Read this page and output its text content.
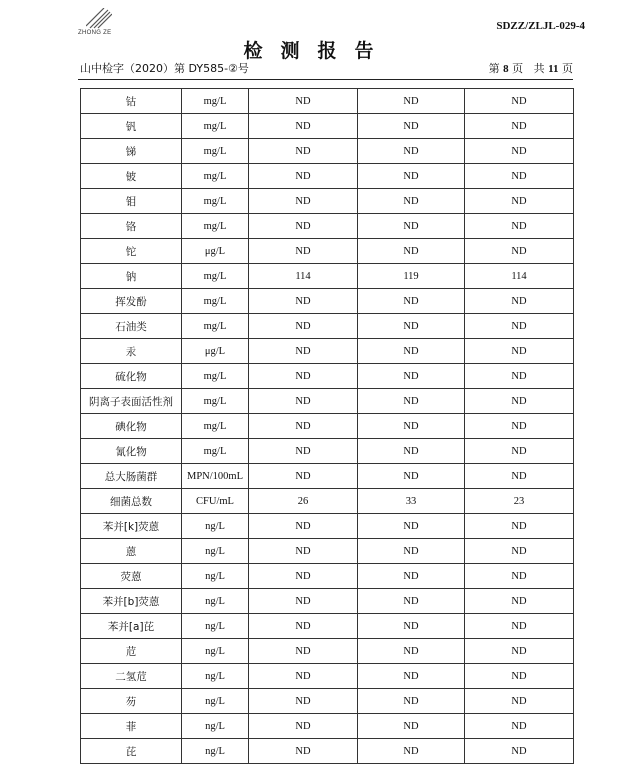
ZHONG ZE
SDZZ/ZLJL-029-4
检测报告
山中检字（2020）第 DY585-②号	第 8 页 共 11 页
钴	mg/L	ND	ND	ND
钒	mg/L	ND	ND	ND
锑	mg/L	ND	ND	ND
铍	mg/L	ND	ND	ND
钼	mg/L	ND	ND	ND
铬	mg/L	ND	ND	ND
铊	μg/L	ND	ND	ND
钠	mg/L	114	119	114
挥发酚	mg/L	ND	ND	ND
石油类	mg/L	ND	ND	ND
汞	μg/L	ND	ND	ND
硫化物	mg/L	ND	ND	ND
阴离子表面活性剂	mg/L	ND	ND	ND
碘化物	mg/L	ND	ND	ND
氰化物	mg/L	ND	ND	ND
总大肠菌群	MPN/100mL	ND	ND	ND
细菌总数	CFU/mL	26	33	23
苯并[k]荧蒽	ng/L	ND	ND	ND
蒽	ng/L	ND	ND	ND
荧蒽	ng/L	ND	ND	ND
苯并[b]荧蒽	ng/L	ND	ND	ND
苯并[a]芘	ng/L	ND	ND	ND
苊	ng/L	ND	ND	ND
二氢苊	ng/L	ND	ND	ND
芴	ng/L	ND	ND	ND
菲	ng/L	ND	ND	ND
芘	ng/L	ND	ND	ND
